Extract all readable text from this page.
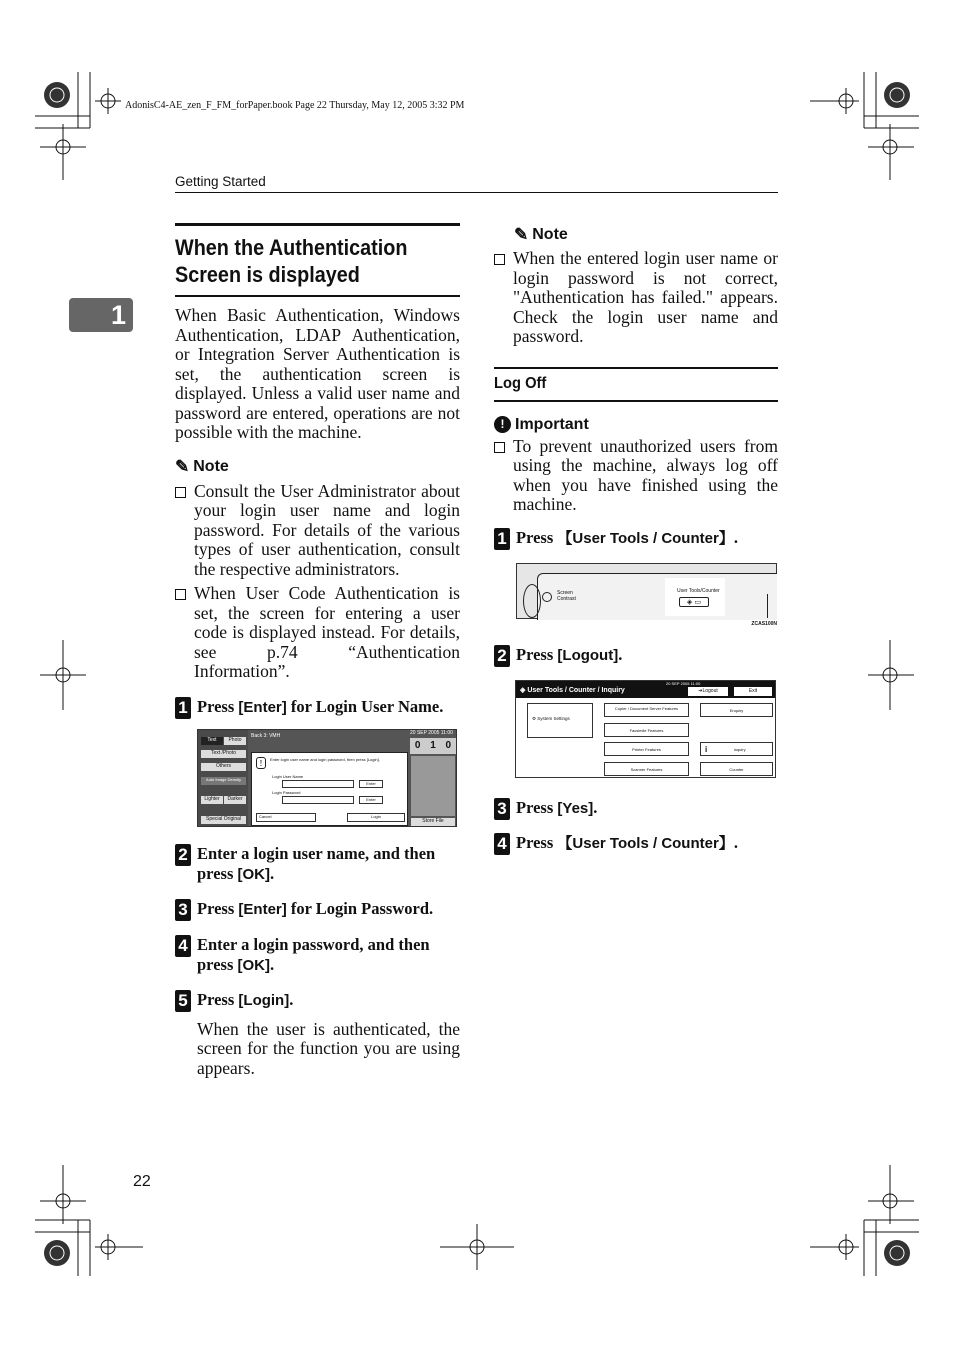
AdonisC4-AE_zen_F_FM_forPaper.book Page 22 Thursday, May 12, 2005 3:32 PM
Getting Started
1
When the Authentication
Screen is displayed

When Basic Authentication, Windows Authentication, LDAP Authentication, or Integration Server Authentication is set, the authentication screen is displayed. Unless a valid user name and password are entered, operations are not possible with the machine.

✎ Note
Consult the User Administrator about your login user name and login password. For details of the various types of user authentication, consult the respective administrators.
When User Code Authentication is set, the screen for entering a user code is displayed instead. For details, see p.74 “Authentication Information”.
1 Press [Enter] for Login User Name.
Text	Photo
Text /Photo
Others
Auto Image Density
Lighter	Darker
Special Original
Back 3: VMH	20 SEP 2005 11:00
0 1 0
Store File
!	Enter login user name and login password, then press [Login].
Login User Name
Enter
Login Password
Enter
Cancel	Login
2 Enter a login user name, and then press [OK].
3 Press [Enter] for Login Password.
4 Enter a login password, and then press [OK].
5 Press [Login].

When the user is authenticated, the screen for the function you are using appears.

✎ Note
When the entered login user name or login password is not correct, "Authentication has failed." appears. Check the login user name and password.
Log Off
! Important
To prevent unauthorized users from using the machine, always log off when you have finished using the machine.
1 Press 【User Tools / Counter】.
Screen Contrast
User Tools/Counter
◈ ▭
ZCAS100N
2 Press [Logout].
20 SEP 2005 11:00
◈ User Tools / Counter / Inquiry	➔Logout	Exit
⚙ System Settings
Copier / Document Server Features
Facsimile Features
Printer Features
Scanner Features
Enquiry
i	Inquiry
Counter
3 Press [Yes].
4 Press 【User Tools / Counter】.
22
